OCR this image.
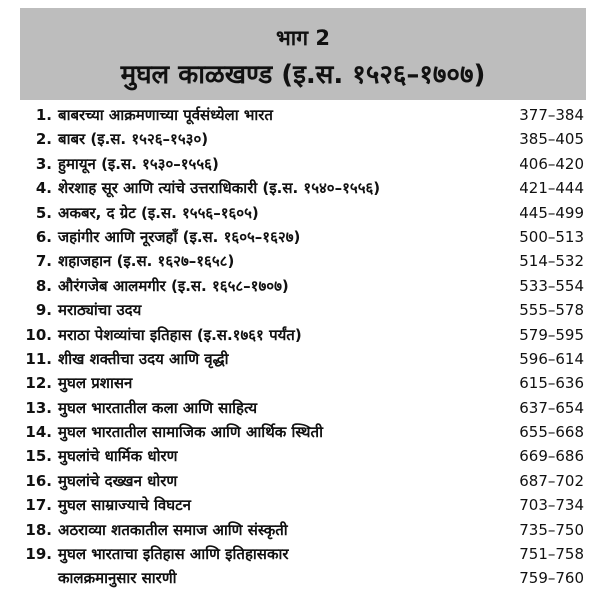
भाग 2
मुघल काळखण्ड (इ.स. १५२६–१७०७)
1. बाबरच्या आक्रमणाच्या पूर्वसंध्येला भारत	377–384
2. बाबर (इ.स. १५२६–१५३०)	385–405
3. हुमायून (इ.स. १५३०–१५५६)	406–420
4. शेरशाह सूर आणि त्यांचे उत्तराधिकारी (इ.स. १५४०–१५५६)	421–444
5. अकबर, द ग्रेट (इ.स. १५५६–१६०५)	445–499
6. जहांगीर आणि नूरजहाँ (इ.स. १६०५–१६२७)	500–513
7. शहाजहान (इ.स. १६२७–१६५८)	514–532
8. औरंगजेब आलमगीर (इ.स. १६५८–१७०७)	533–554
9. मराठ्यांचा उदय	555–578
10. मराठा पेशव्यांचा इतिहास (इ.स.१७६१ पर्यंत)	579–595
11. शीख शक्तीचा उदय आणि वृद्धी	596–614
12. मुघल प्रशासन	615–636
13. मुघल भारतातील कला आणि साहित्य	637–654
14. मुघल भारतातील सामाजिक आणि आर्थिक स्थिती	655–668
15. मुघलांचे धार्मिक धोरण	669–686
16. मुघलांचे दख्खन धोरण	687–702
17. मुघल साम्राज्याचे विघटन	703–734
18. अठराव्या शतकातील समाज आणि संस्कृती	735–750
19. मुघल भारताचा इतिहास आणि इतिहासकार	751–758
कालक्रमानुसार सारणी	759–760
